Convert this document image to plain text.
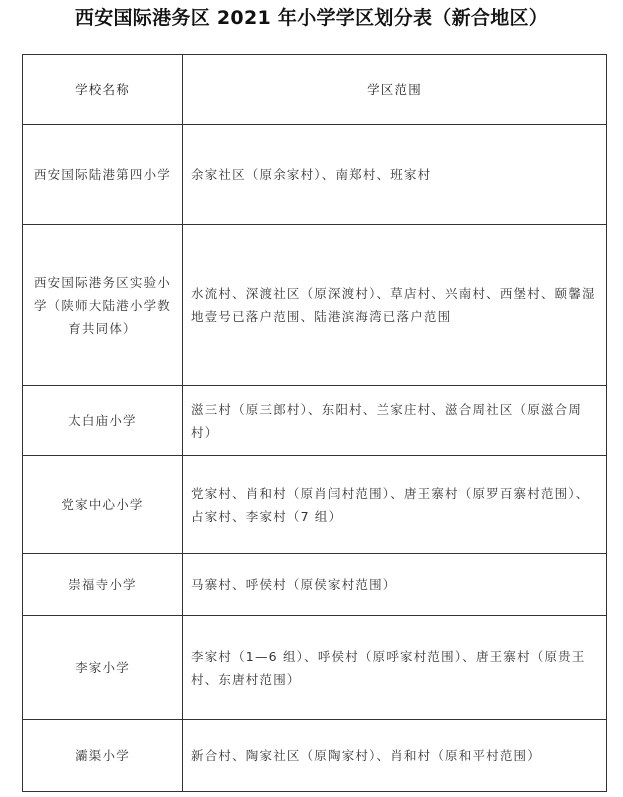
西安国际港务区 2021 年小学学区划分表（新合地区）
学校名称	学区范围
西安国际陆港第四小学	余家社区（原余家村）、南郑村、班家村
西安国际港务区实验小学（陕师大陆港小学教育共同体）	水流村、深渡社区（原深渡村）、草店村、兴南村、西堡村、颐馨湿地壹号已落户范围、陆港滨海湾已落户范围
太白庙小学	滋三村（原三郎村）、东阳村、兰家庄村、滋合周社区（原滋合周村）
党家中心小学	党家村、肖和村（原肖闫村范围）、唐王寨村（原罗百寨村范围）、占家村、李家村（7 组）
崇福寺小学	马寨村、呼侯村（原侯家村范围）
李家小学	李家村（1—6 组）、呼侯村（原呼家村范围）、唐王寨村（原贵王村、东唐村范围）
灞渠小学	新合村、陶家社区（原陶家村）、肖和村（原和平村范围）
